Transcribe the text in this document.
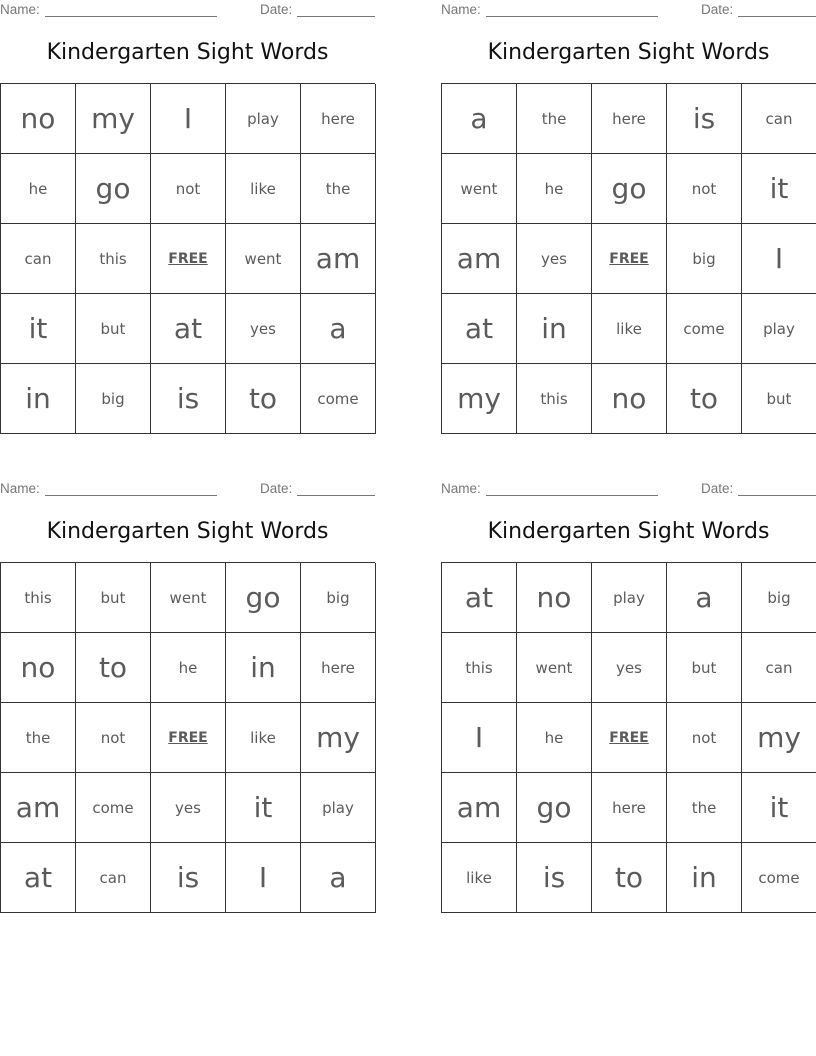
Name:	Date:
Kindergarten Sight Words
no	my	I	play	here
he	go	not	like	the
can	this	FREE	went	am
it	but	at	yes	a
in	big	is	to	come
Name:	Date:
Kindergarten Sight Words
a	the	here	is	can
went	he	go	not	it
am	yes	FREE	big	I
at	in	like	come	play
my	this	no	to	but
Name:	Date:
Kindergarten Sight Words
this	but	went	go	big
no	to	he	in	here
the	not	FREE	like	my
am	come	yes	it	play
at	can	is	I	a
Name:	Date:
Kindergarten Sight Words
at	no	play	a	big
this	went	yes	but	can
I	he	FREE	not	my
am	go	here	the	it
like	is	to	in	come
